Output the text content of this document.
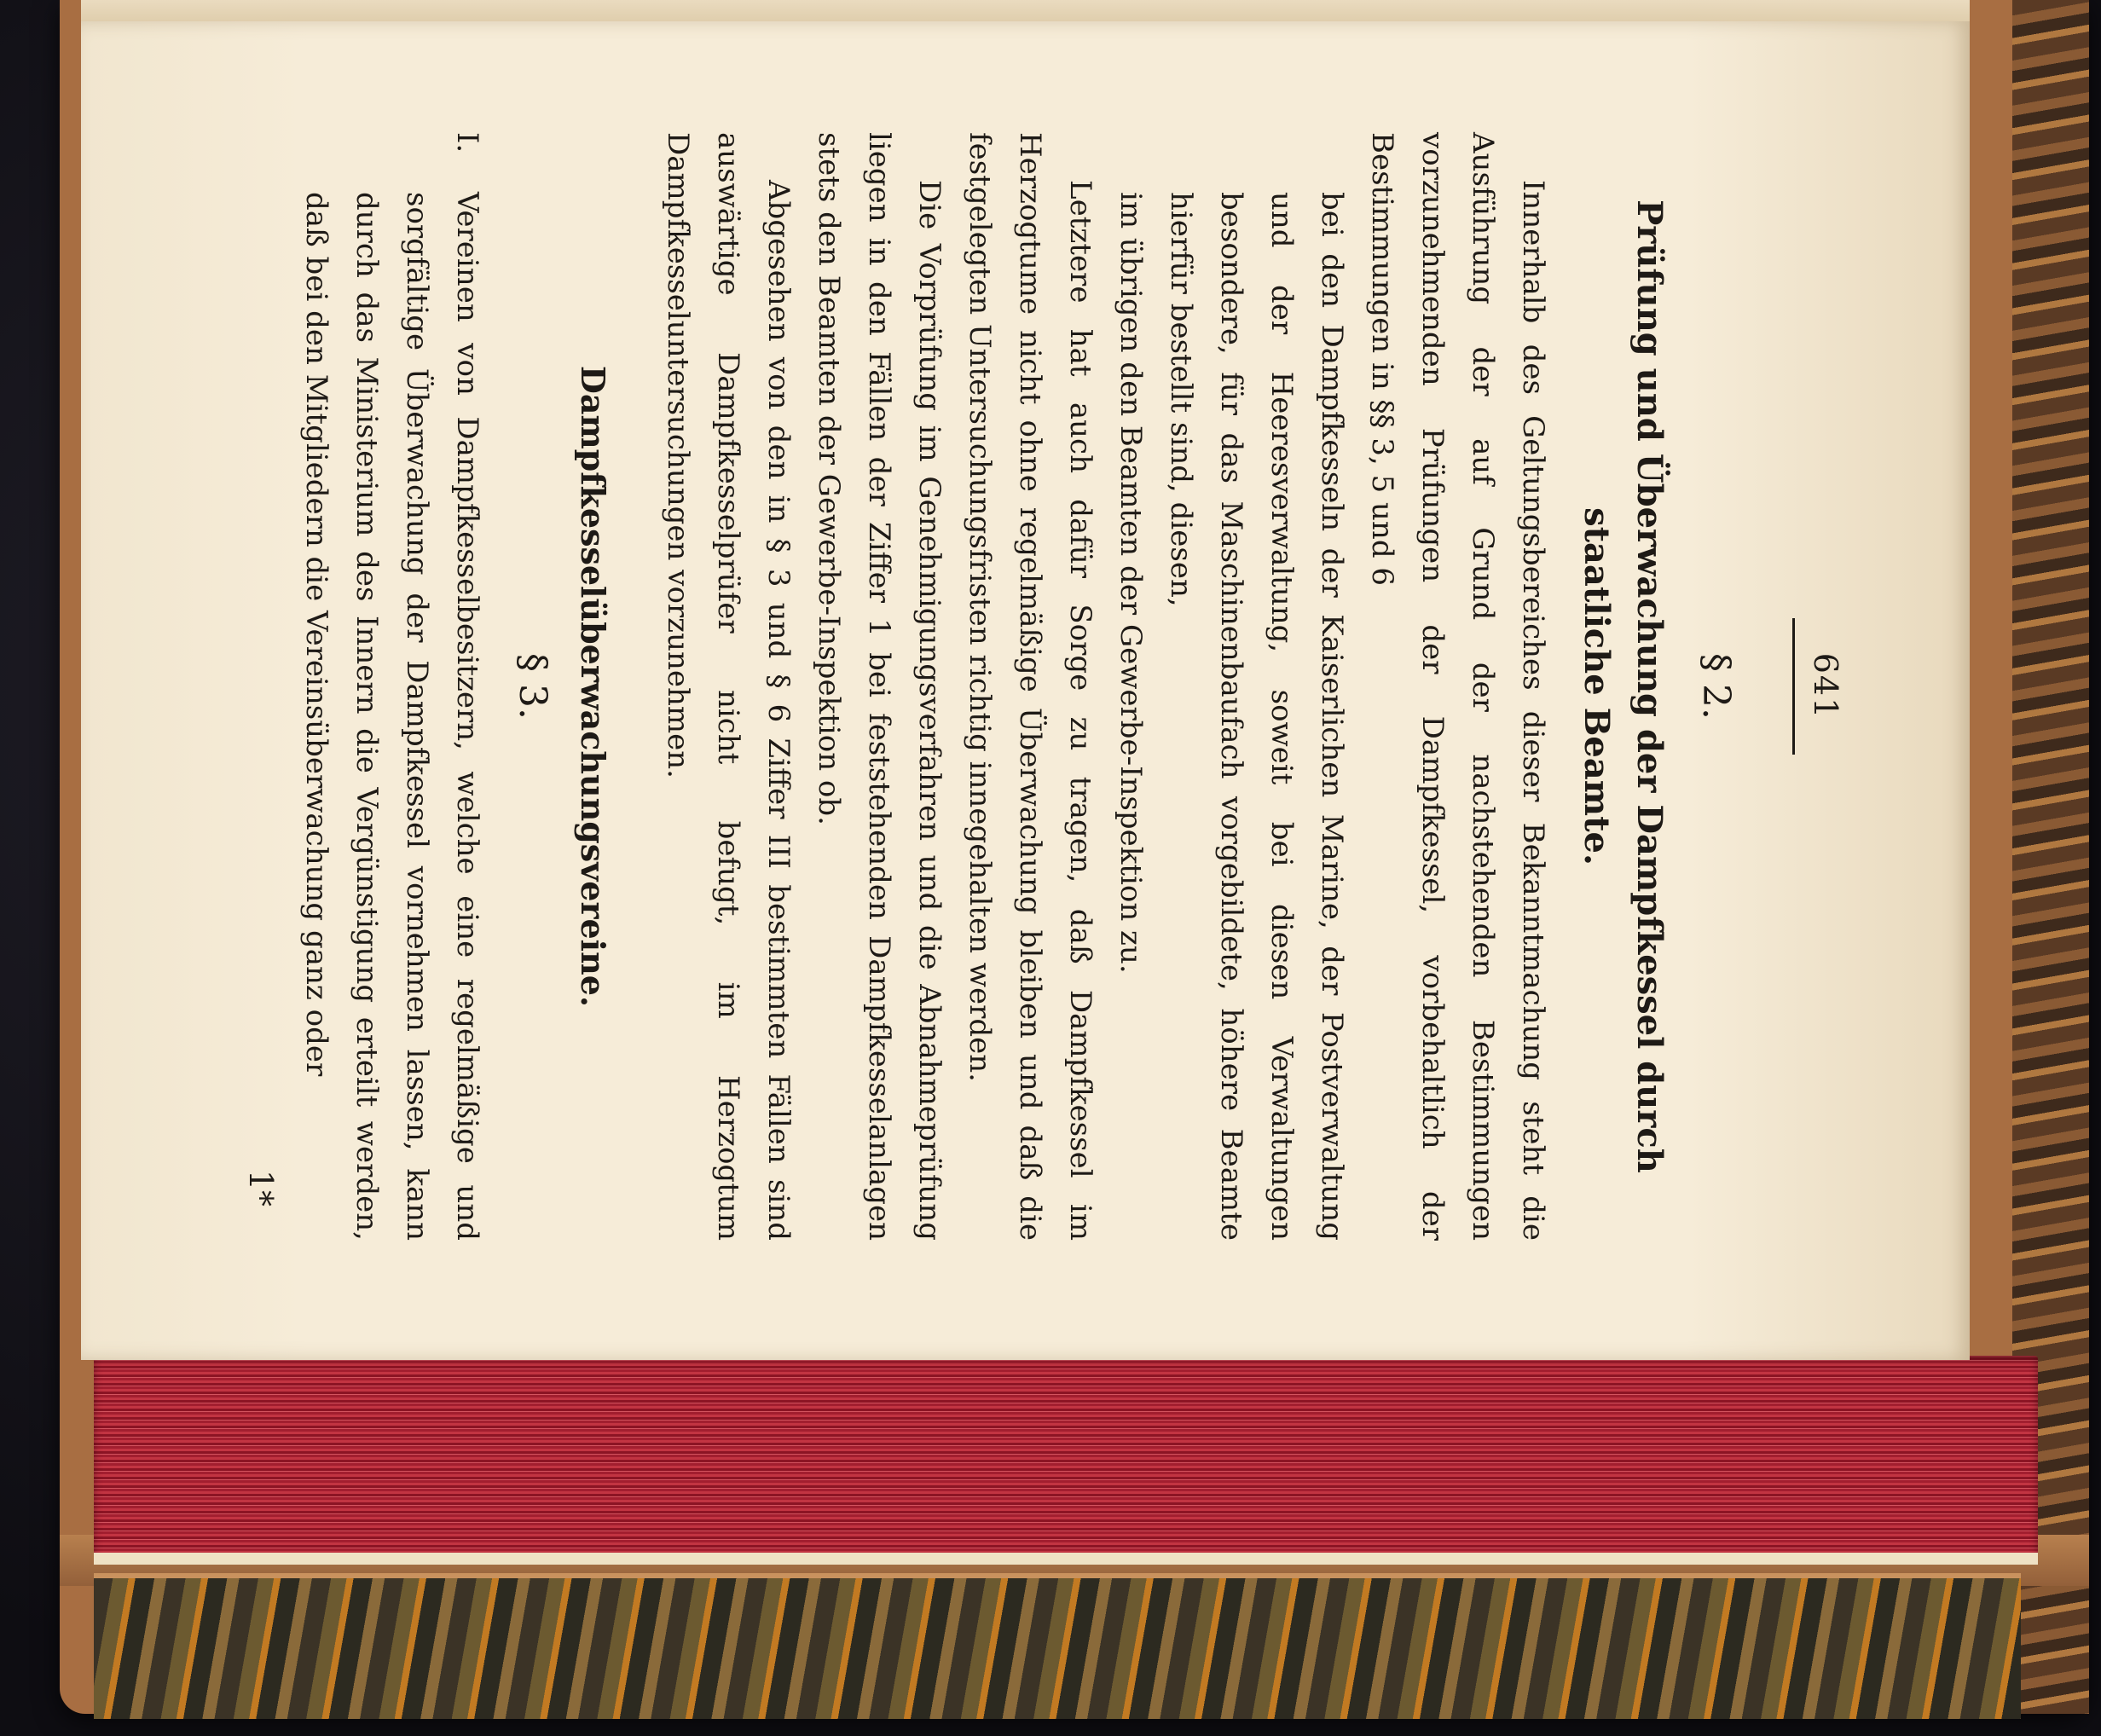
641
§ 2.
Prüfung und Überwachung der Dampfkessel durch
staatliche Beamte.

Innerhalb des Geltungsbereiches dieser Bekanntmachung steht die Ausführung der auf Grund der nachstehenden Bestimmungen vorzunehmenden Prüfungen der Dampfkessel, vorbehaltlich der Bestimmungen in §§ 3, 5 und 6

bei den Dampfkesseln der Kaiserlichen Marine, der Postverwaltung und der Heeresverwaltung, soweit bei diesen Verwaltungen besondere, für das Maschinenbaufach vorgebildete, höhere Beamte hierfür bestellt sind, diesen,

im übrigen den Beamten der Gewerbe-Inspektion zu.

Letztere hat auch dafür Sorge zu tragen, daß Dampfkessel im Herzogtume nicht ohne regelmäßige Überwachung bleiben und daß die festgelegten Untersuchungsfristen richtig innegehalten werden.

Die Vorprüfung im Genehmigungsverfahren und die Abnahmeprüfung liegen in den Fällen der Ziffer 1 bei feststehenden Dampfkesselanlagen stets den Beamten der Gewerbe-Inspektion ob.

Abgesehen von den in § 3 und § 6 Ziffer III bestimmten Fällen sind auswärtige Dampfkesselprüfer nicht befugt, im Herzogtum Dampfkesseluntersuchungen vorzunehmen.

Dampfkesselüberwachungsvereine.
§ 3.

I.Vereinen von Dampfkesselbesitzern, welche eine regelmäßige und sorgfältige Überwachung der Dampfkessel vornehmen lassen, kann durch das Ministerium des Innern die Vergünstigung erteilt werden, daß bei den Mitgliedern die Vereinsüberwachung ganz oder

1*
